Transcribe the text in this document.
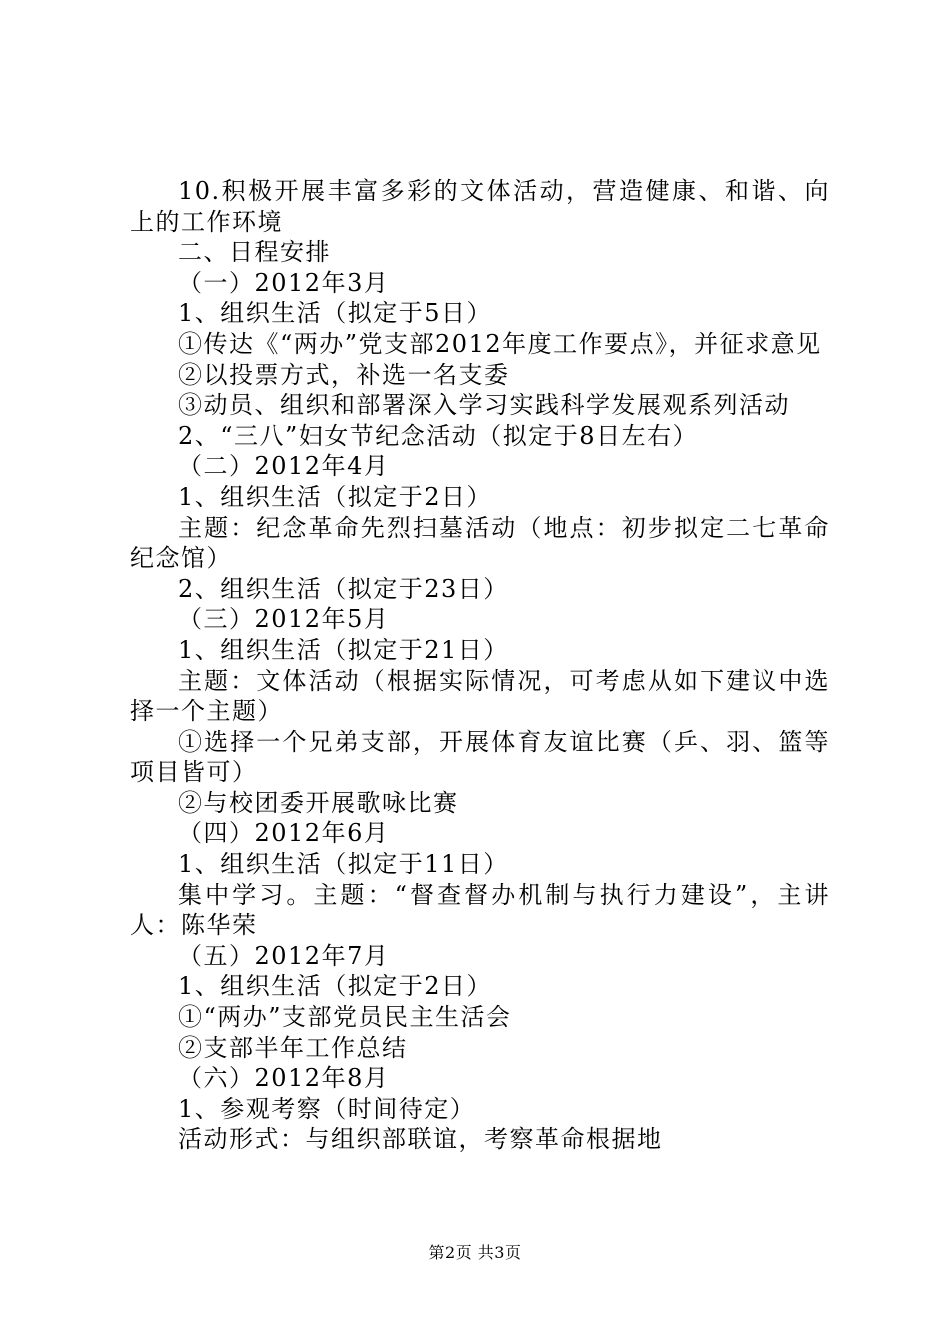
10.积极开展丰富多彩的文体活动，营造健康、和谐、向上的工作环境

二、日程安排

（一）2012年3月

1、组织生活（拟定于5日）

①传达《“两办”党支部2012年度工作要点》，并征求意见

②以投票方式，补选一名支委

③动员、组织和部署深入学习实践科学发展观系列活动

2、“三八”妇女节纪念活动（拟定于8日左右）

（二）2012年4月

1、组织生活（拟定于2日）

主题：纪念革命先烈扫墓活动（地点：初步拟定二七革命纪念馆）

2、组织生活（拟定于23日）

（三）2012年5月

1、组织生活（拟定于21日）

主题：文体活动（根据实际情况，可考虑从如下建议中选择一个主题）

①选择一个兄弟支部，开展体育友谊比赛（乒、羽、篮等项目皆可）

②与校团委开展歌咏比赛

（四）2012年6月

1、组织生活（拟定于11日）

集中学习。主题：“督查督办机制与执行力建设”，主讲人：陈华荣

（五）2012年7月

1、组织生活（拟定于2日）

①“两办”支部党员民主生活会

②支部半年工作总结

（六）2012年8月

1、参观考察（时间待定）

活动形式：与组织部联谊，考察革命根据地

第2页 共3页
